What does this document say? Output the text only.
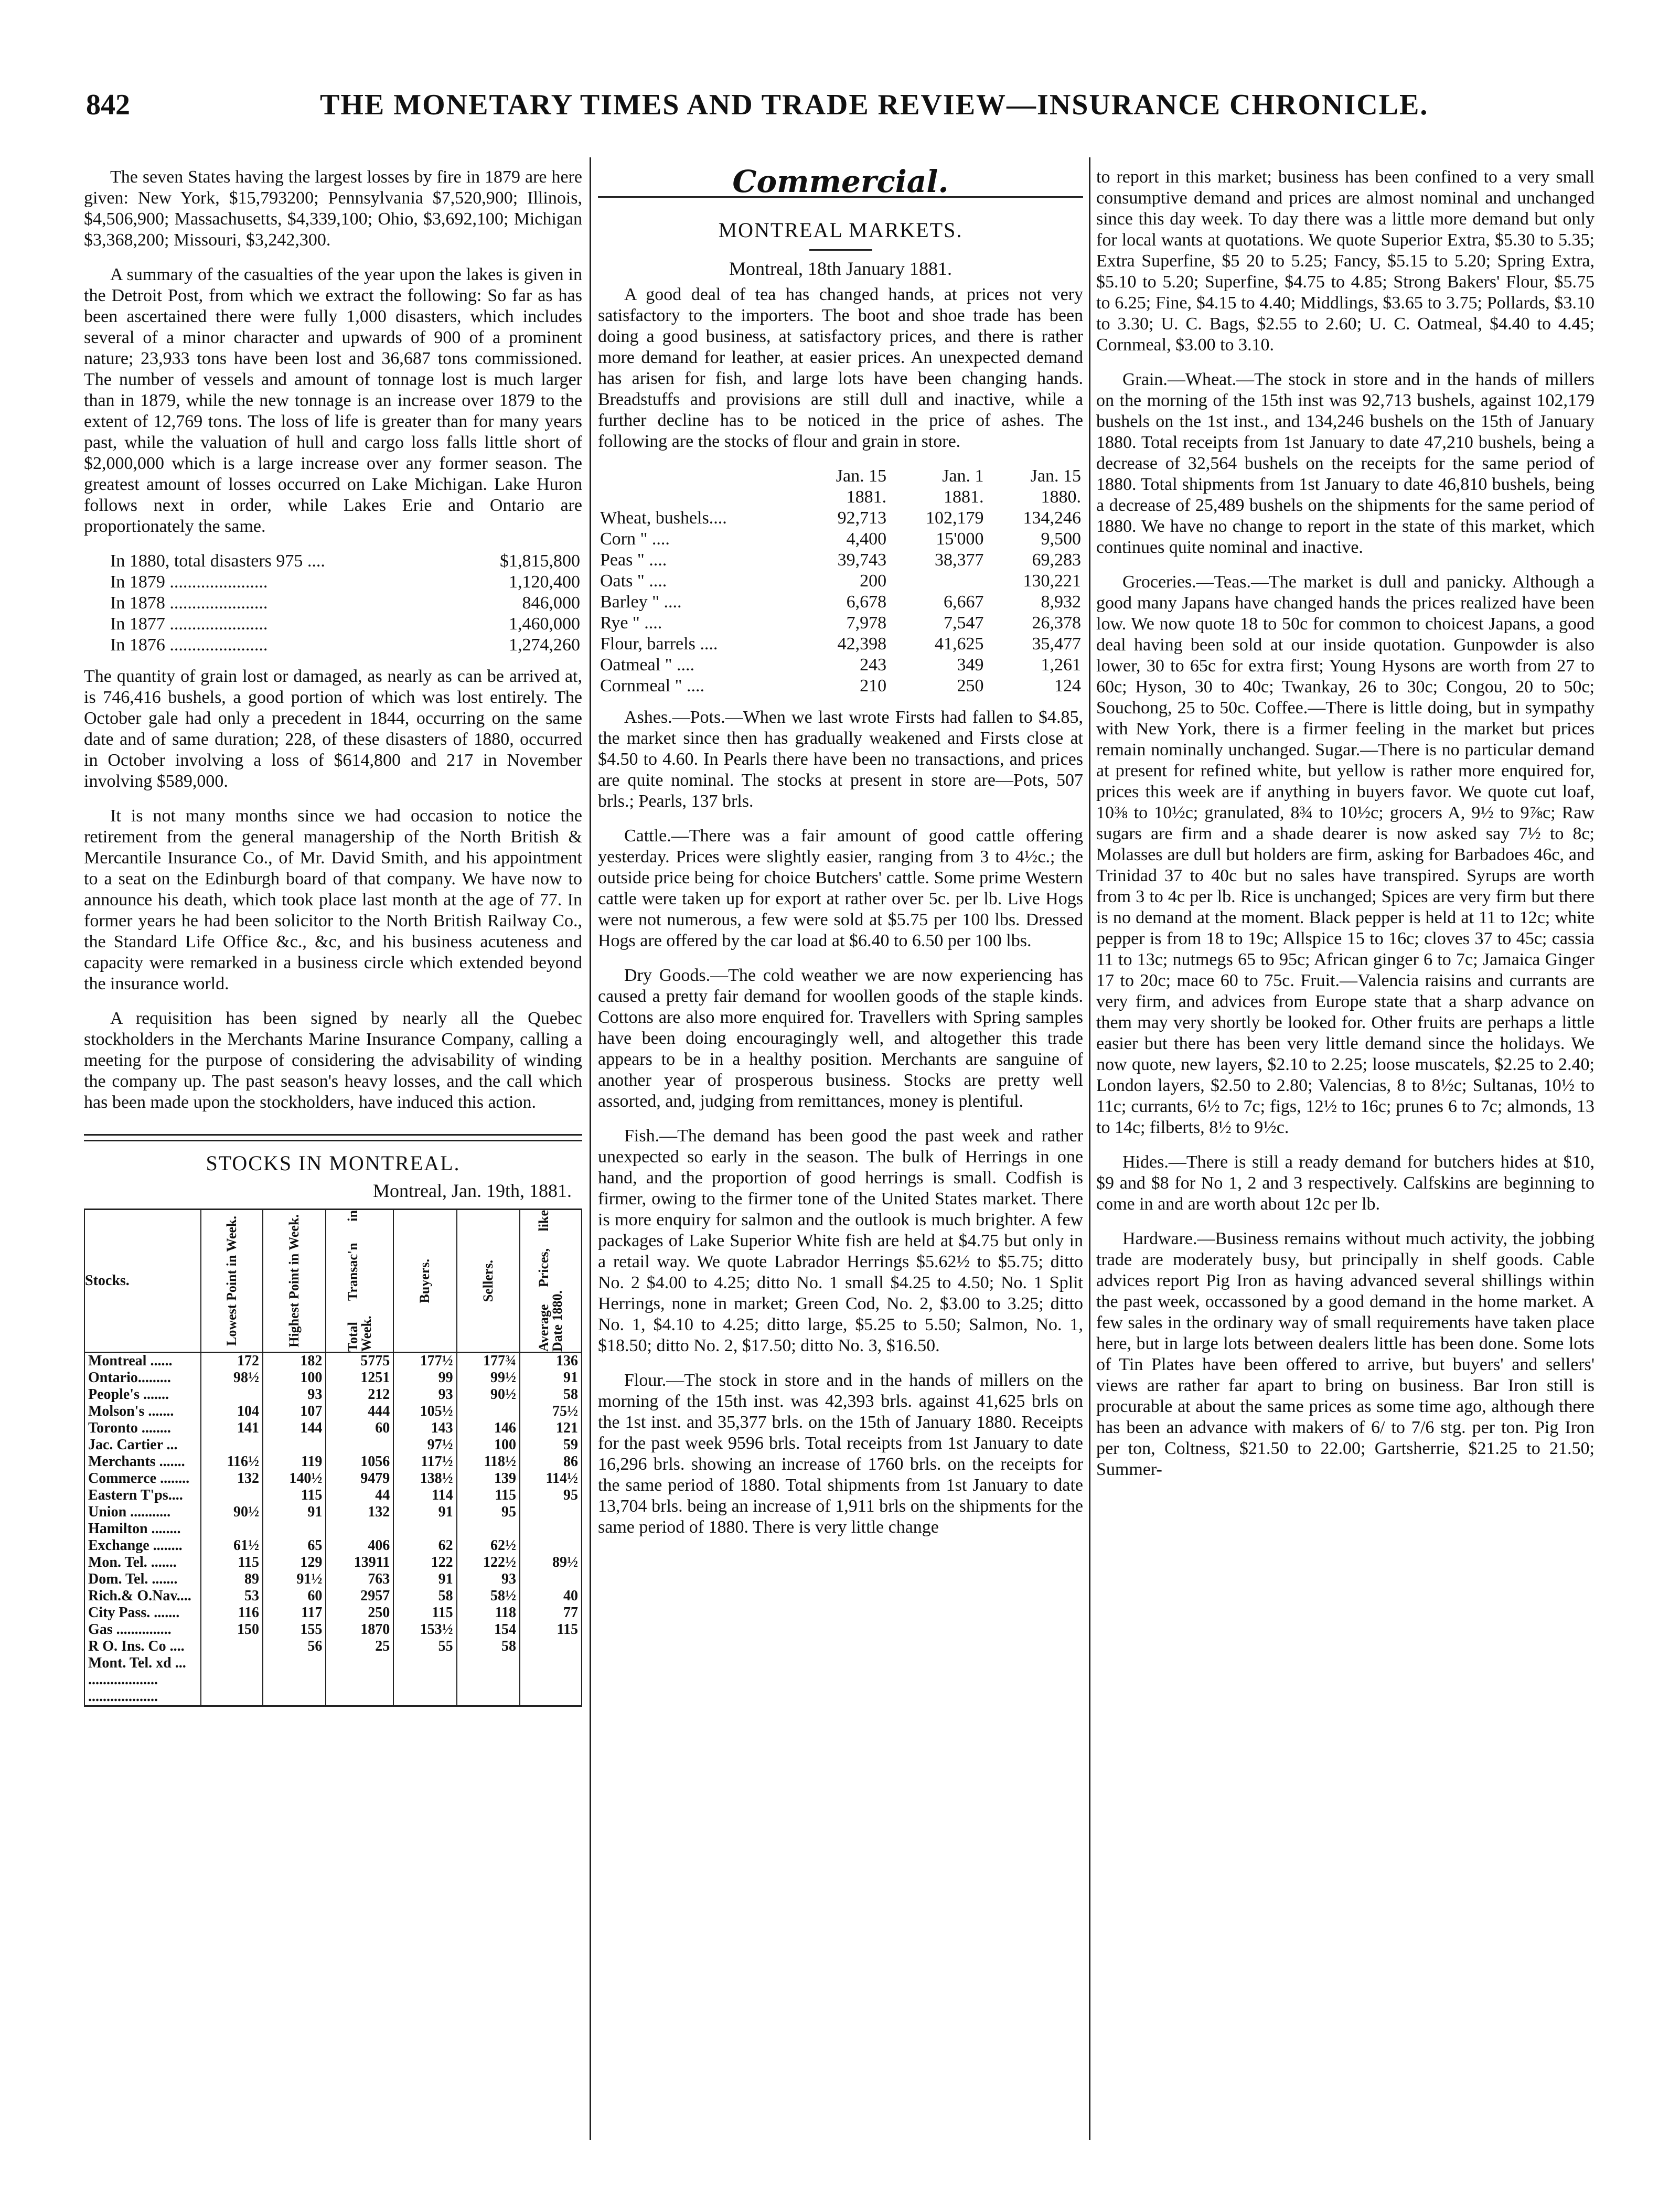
842	THE MONETARY TIMES AND TRADE REVIEW—INSURANCE CHRONICLE.

The seven States having the largest losses by fire in 1879 are here given: New York, $15,793200; Pennsylvania $7,520,900; Illinois, $4,506,900; Massachusetts, $4,339,100; Ohio, $3,692,100; Michigan $3,368,200; Missouri, $3,242,300.

A summary of the casualties of the year upon the lakes is given in the Detroit Post, from which we extract the following: So far as has been ascertained there were fully 1,000 disasters, which includes several of a minor character and upwards of 900 of a prominent nature; 23,933 tons have been lost and 36,687 tons commissioned. The number of vessels and amount of tonnage lost is much larger than in 1879, while the new tonnage is an increase over 1879 to the extent of 12,769 tons. The loss of life is greater than for many years past, while the valuation of hull and cargo loss falls little short of $2,000,000 which is a large increase over any former season. The greatest amount of losses occurred on Lake Michigan. Lake Huron follows next in order, while Lakes Erie and Ontario are proportionately the same.

In 1880, total disasters 975 ....	$1,815,800
In 1879 ......................	1,120,400
In 1878 ......................	846,000
In 1877 ......................	1,460,000
In 1876 ......................	1,274,260

The quantity of grain lost or damaged, as nearly as can be arrived at, is 746,416 bushels, a good portion of which was lost entirely. The October gale had only a precedent in 1844, occurring on the same date and of same duration; 228, of these disasters of 1880, occurred in October involving a loss of $614,800 and 217 in November involving $589,000.

It is not many months since we had occasion to notice the retirement from the general managership of the North British & Mercantile Insurance Co., of Mr. David Smith, and his appointment to a seat on the Edinburgh board of that company. We have now to announce his death, which took place last month at the age of 77. In former years he had been solicitor to the North British Railway Co., the Standard Life Office &c., &c, and his business acuteness and capacity were remarked in a business circle which extended beyond the insurance world.

A requisition has been signed by nearly all the Quebec stockholders in the Merchants Marine Insurance Company, calling a meeting for the purpose of considering the advisability of winding the company up. The past season's heavy losses, and the call which has been made upon the stockholders, have induced this action.

STOCKS IN MONTREAL.
Montreal, Jan. 19th, 1881.
Stocks.	Lowest Point in Week.	Highest Point in Week.	Total Transac'n in Week.	Buyers.	Sellers.	Average Prices, like Date 1880.

Montreal ......	172	182	5775	177½	177¾	136
Ontario.........	98½	100	1251	99	99½	91
People's .......		93	212	93	90½	58
Molson's .......	104	107	444	105½		75½
Toronto ........	141	144	60	143	146	121
Jac. Cartier ...				97½	100	59
Merchants .......	116½	119	1056	117½	118½	86
Commerce ........	132	140½	9479	138½	139	114½
Eastern T'ps....		115	44	114	115	95
Union ...........	90½	91	132	91	95	
Hamilton ........						
Exchange ........	61½	65	406	62	62½	
Mon. Tel. .......	115	129	13911	122	122½	89½
Dom. Tel. .......	89	91½	763	91	93	
Rich.& O.Nav....	53	60	2957	58	58½	40
City Pass. .......	116	117	250	115	118	77
Gas ...............	150	155	1870	153½	154	115
R O. Ins. Co ....		56	25	55	58	
Mont. Tel. xd ...						
...................						
...................						
Commercial.
MONTREAL MARKETS.
Montreal, 18th January 1881.

A good deal of tea has changed hands, at prices not very satisfactory to the importers. The boot and shoe trade has been doing a good business, at satisfactory prices, and there is rather more demand for leather, at easier prices. An unexpected demand has arisen for fish, and large lots have been changing hands. Breadstuffs and provisions are still dull and inactive, while a further decline has to be noticed in the price of ashes. The following are the stocks of flour and grain in store.

	Jan. 15	Jan. 1	Jan. 15
	1881.	1881.	1880.
Wheat, bushels....	92,713	102,179	134,246
Corn " ....	4,400	15'000	9,500
Peas " ....	39,743	38,377	69,283
Oats " ....	200		130,221
Barley " ....	6,678	6,667	8,932
Rye " ....	7,978	7,547	26,378
Flour, barrels ....	42,398	41,625	35,477
Oatmeal " ....	243	349	1,261
Cornmeal " ....	210	250	124

Ashes.—Pots.—When we last wrote Firsts had fallen to $4.85, the market since then has gradually weakened and Firsts close at $4.50 to 4.60. In Pearls there have been no transactions, and prices are quite nominal. The stocks at present in store are—Pots, 507 brls.; Pearls, 137 brls.

Cattle.—There was a fair amount of good cattle offering yesterday. Prices were slightly easier, ranging from 3 to 4½c.; the outside price being for choice Butchers' cattle. Some prime Western cattle were taken up for export at rather over 5c. per lb. Live Hogs were not numerous, a few were sold at $5.75 per 100 lbs. Dressed Hogs are offered by the car load at $6.40 to 6.50 per 100 lbs.

Dry Goods.—The cold weather we are now experiencing has caused a pretty fair demand for woollen goods of the staple kinds. Cottons are also more enquired for. Travellers with Spring samples have been doing encouragingly well, and altogether this trade appears to be in a healthy position. Merchants are sanguine of another year of prosperous business. Stocks are pretty well assorted, and, judging from remittances, money is plentiful.

Fish.—The demand has been good the past week and rather unexpected so early in the season. The bulk of Herrings in one hand, and the proportion of good herrings is small. Codfish is firmer, owing to the firmer tone of the United States market. There is more enquiry for salmon and the outlook is much brighter. A few packages of Lake Superior White fish are held at $4.75 but only in a retail way. We quote Labrador Herrings $5.62½ to $5.75; ditto No. 2 $4.00 to 4.25; ditto No. 1 small $4.25 to 4.50; No. 1 Split Herrings, none in market; Green Cod, No. 2, $3.00 to 3.25; ditto No. 1, $4.10 to 4.25; ditto large, $5.25 to 5.50; Salmon, No. 1, $18.50; ditto No. 2, $17.50; ditto No. 3, $16.50.

Flour.—The stock in store and in the hands of millers on the morning of the 15th inst. was 42,393 brls. against 41,625 brls on the 1st inst. and 35,377 brls. on the 15th of January 1880. Receipts for the past week 9596 brls. Total receipts from 1st January to date 16,296 brls. showing an increase of 1760 brls. on the receipts for the same period of 1880. Total shipments from 1st January to date 13,704 brls. being an increase of 1,911 brls on the shipments for the same period of 1880. There is very little change

to report in this market; business has been confined to a very small consumptive demand and prices are almost nominal and unchanged since this day week. To day there was a little more demand but only for local wants at quotations. We quote Superior Extra, $5.30 to 5.35; Extra Superfine, $5 20 to 5.25; Fancy, $5.15 to 5.20; Spring Extra, $5.10 to 5.20; Superfine, $4.75 to 4.85; Strong Bakers' Flour, $5.75 to 6.25; Fine, $4.15 to 4.40; Middlings, $3.65 to 3.75; Pollards, $3.10 to 3.30; U. C. Bags, $2.55 to 2.60; U. C. Oatmeal, $4.40 to 4.45; Cornmeal, $3.00 to 3.10.

Grain.—Wheat.—The stock in store and in the hands of millers on the morning of the 15th inst was 92,713 bushels, against 102,179 bushels on the 1st inst., and 134,246 bushels on the 15th of January 1880. Total receipts from 1st January to date 47,210 bushels, being a decrease of 32,564 bushels on the receipts for the same period of 1880. Total shipments from 1st January to date 46,810 bushels, being a decrease of 25,489 bushels on the shipments for the same period of 1880. We have no change to report in the state of this market, which continues quite nominal and inactive.

Groceries.—Teas.—The market is dull and panicky. Although a good many Japans have changed hands the prices realized have been low. We now quote 18 to 50c for common to choicest Japans, a good deal having been sold at our inside quotation. Gunpowder is also lower, 30 to 65c for extra first; Young Hysons are worth from 27 to 60c; Hyson, 30 to 40c; Twankay, 26 to 30c; Congou, 20 to 50c; Souchong, 25 to 50c. Coffee.—There is little doing, but in sympathy with New York, there is a firmer feeling in the market but prices remain nominally unchanged. Sugar.—There is no particular demand at present for refined white, but yellow is rather more enquired for, prices this week are if anything in buyers favor. We quote cut loaf, 10⅜ to 10½c; granulated, 8¾ to 10½c; grocers A, 9½ to 9⅞c; Raw sugars are firm and a shade dearer is now asked say 7½ to 8c; Molasses are dull but holders are firm, asking for Barbadoes 46c, and Trinidad 37 to 40c but no sales have transpired. Syrups are worth from 3 to 4c per lb. Rice is unchanged; Spices are very firm but there is no demand at the moment. Black pepper is held at 11 to 12c; white pepper is from 18 to 19c; Allspice 15 to 16c; cloves 37 to 45c; cassia 11 to 13c; nutmegs 65 to 95c; African ginger 6 to 7c; Jamaica Ginger 17 to 20c; mace 60 to 75c. Fruit.—Valencia raisins and currants are very firm, and advices from Europe state that a sharp advance on them may very shortly be looked for. Other fruits are perhaps a little easier but there has been very little demand since the holidays. We now quote, new layers, $2.10 to 2.25; loose muscatels, $2.25 to 2.40; London layers, $2.50 to 2.80; Valencias, 8 to 8½c; Sultanas, 10½ to 11c; currants, 6½ to 7c; figs, 12½ to 16c; prunes 6 to 7c; almonds, 13 to 14c; filberts, 8½ to 9½c.

Hides.—There is still a ready demand for butchers hides at $10, $9 and $8 for No 1, 2 and 3 respectively. Calfskins are beginning to come in and are worth about 12c per lb.

Hardware.—Business remains without much activity, the jobbing trade are moderately busy, but principally in shelf goods. Cable advices report Pig Iron as having advanced several shillings within the past week, occassoned by a good demand in the home market. A few sales in the ordinary way of small requirements have taken place here, but in large lots between dealers little has been done. Some lots of Tin Plates have been offered to arrive, but buyers' and sellers' views are rather far apart to bring on business. Bar Iron still is procurable at about the same prices as some time ago, although there has been an advance with makers of 6/ to 7/6 stg. per ton. Pig Iron per ton, Coltness, $21.50 to 22.00; Gartsherrie, $21.25 to 21.50; Summer-
